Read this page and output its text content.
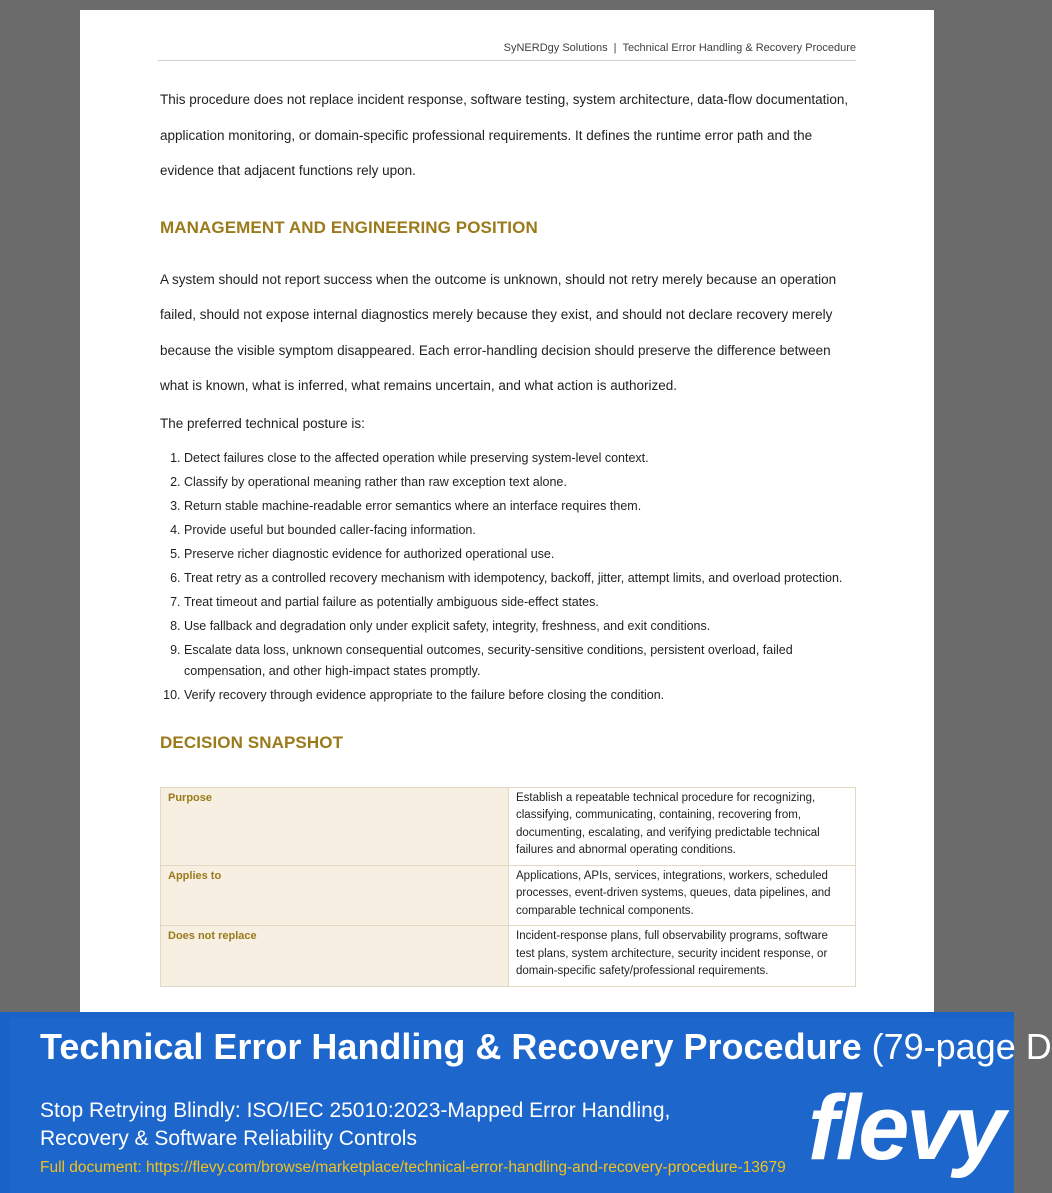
SyNERDgy Solutions | Technical Error Handling & Recovery Procedure

This procedure does not replace incident response, software testing, system architecture, data-flow documentation, application monitoring, or domain-specific professional requirements. It defines the runtime error path and the evidence that adjacent functions rely upon.

MANAGEMENT AND ENGINEERING POSITION

A system should not report success when the outcome is unknown, should not retry merely because an operation failed, should not expose internal diagnostics merely because they exist, and should not declare recovery merely because the visible symptom disappeared. Each error-handling decision should preserve the difference between what is known, what is inferred, what remains uncertain, and what action is authorized.

The preferred technical posture is:

1. Detect failures close to the affected operation while preserving system-level context.
2. Classify by operational meaning rather than raw exception text alone.
3. Return stable machine-readable error semantics where an interface requires them.
4. Provide useful but bounded caller-facing information.
5. Preserve richer diagnostic evidence for authorized operational use.
6. Treat retry as a controlled recovery mechanism with idempotency, backoff, jitter, attempt limits, and overload protection.
7. Treat timeout and partial failure as potentially ambiguous side-effect states.
8. Use fallback and degradation only under explicit safety, integrity, freshness, and exit conditions.
9. Escalate data loss, unknown consequential outcomes, security-sensitive conditions, persistent overload, failed compensation, and other high-impact states promptly.
10. Verify recovery through evidence appropriate to the failure before closing the condition.
DECISION SNAPSHOT
Purpose	Establish a repeatable technical procedure for recognizing, classifying, communicating, containing, recovering from, documenting, escalating, and verifying predictable technical failures and abnormal operating conditions.
Applies to	Applications, APIs, services, integrations, workers, scheduled processes, event-driven systems, queues, data pipelines, and comparable technical components.
Does not replace	Incident-response plans, full observability programs, software test plans, system architecture, security incident response, or domain-specific safety/professional requirements.
Technical Error Handling & Recovery Procedure (79-page D
Stop Retrying Blindly: ISO/IEC 25010:2023-Mapped Error Handling,
Recovery & Software Reliability Controls
Full document: https://flevy.com/browse/marketplace/technical-error-handling-and-recovery-procedure-13679 flevy
